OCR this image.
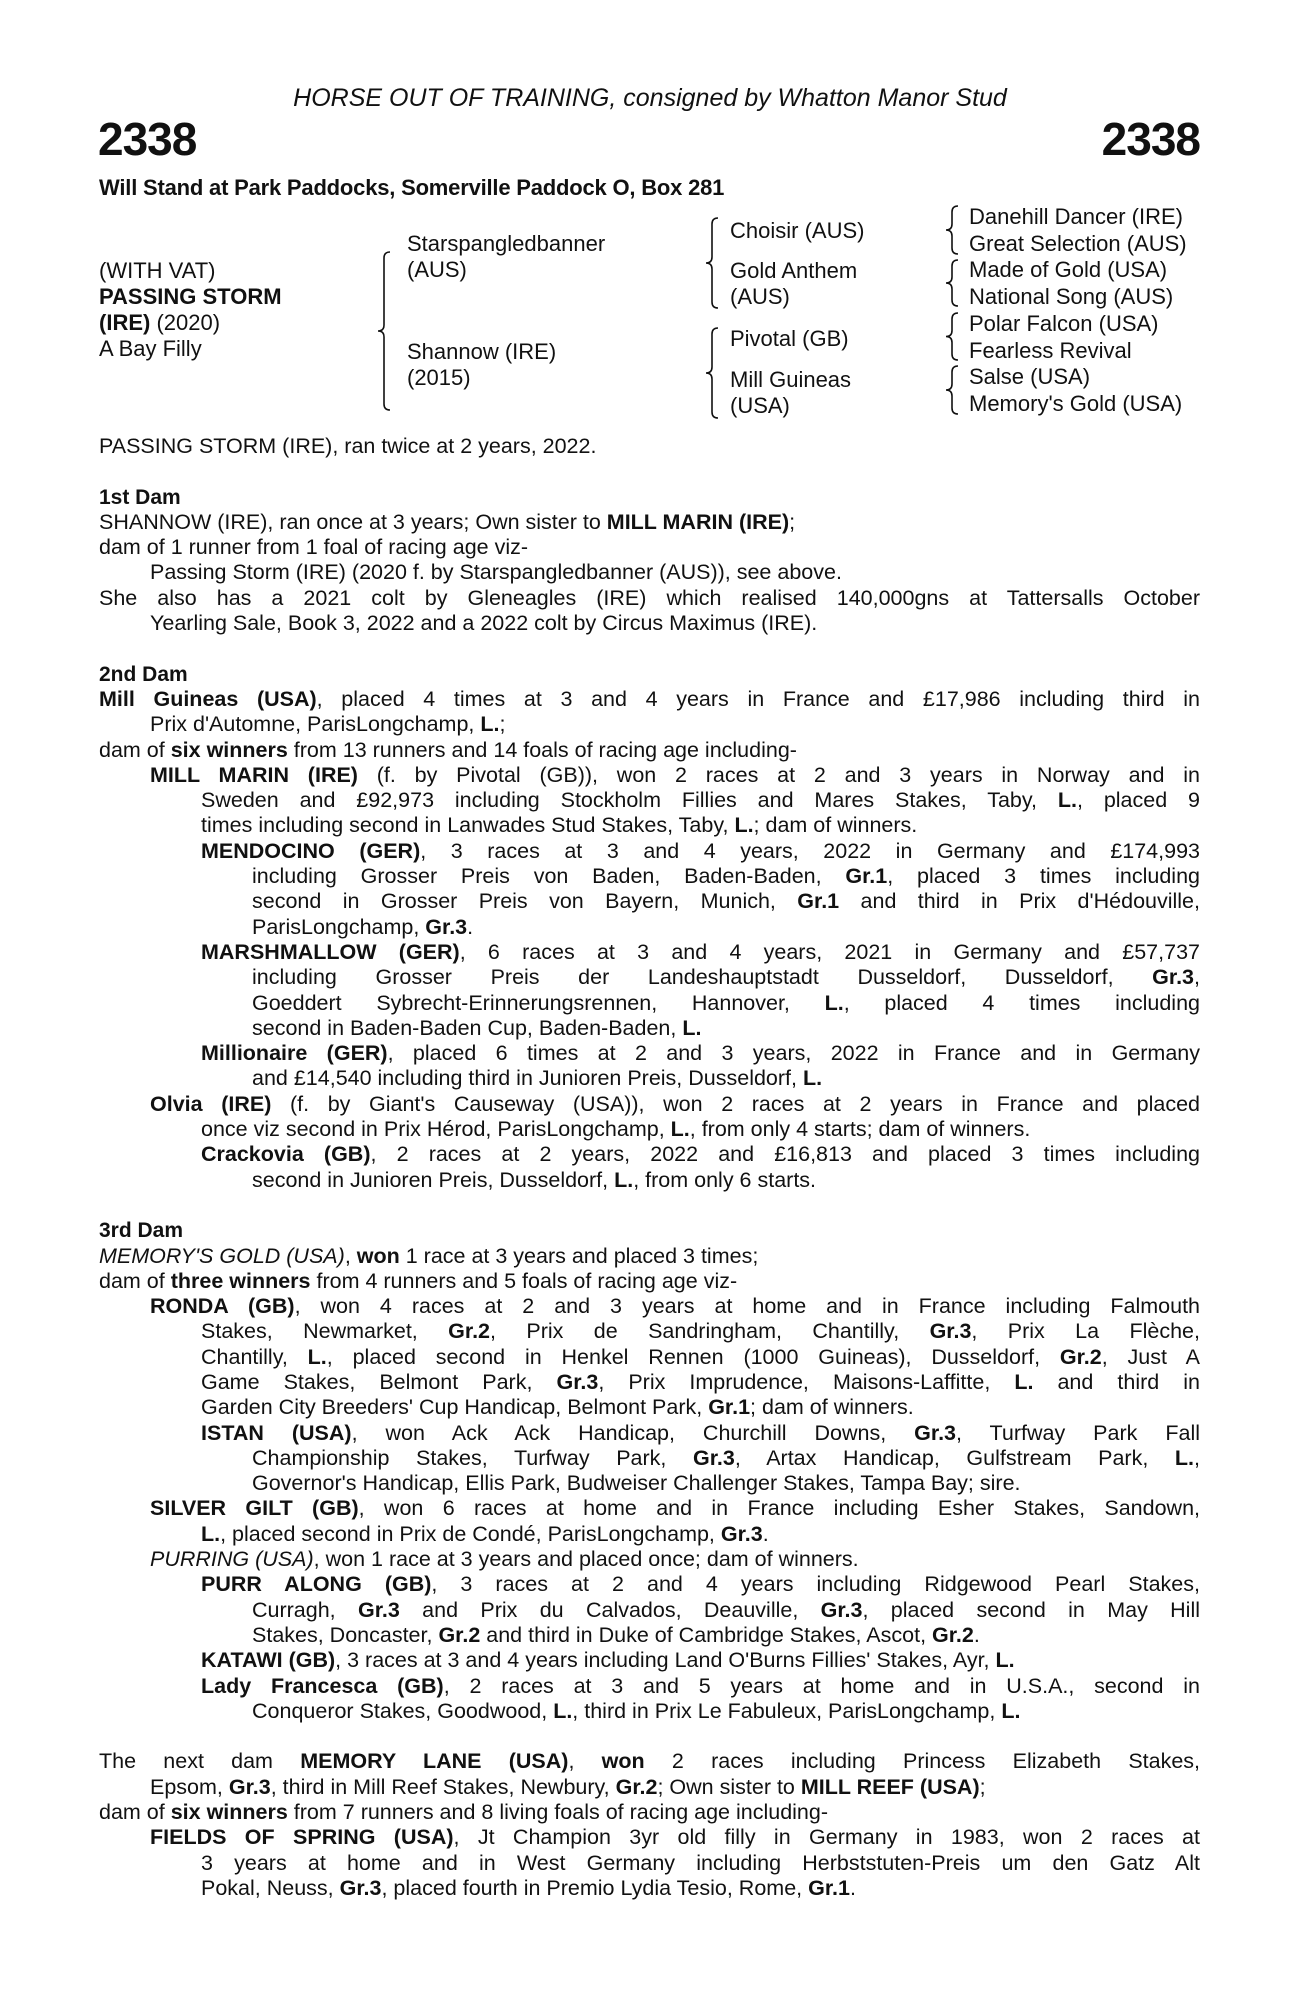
HORSE OUT OF TRAINING, consigned by Whatton Manor Stud
2338	2338
Will Stand at Park Paddocks, Somerville Paddock O, Box 281
(WITH VAT)
PASSING STORM
(IRE) (2020)
A Bay Filly
Starspangledbanner
(AUS)
Shannow (IRE)
(2015)
Choisir (AUS)
Gold Anthem
(AUS)
Pivotal (GB)
Mill Guineas
(USA)
Danehill Dancer (IRE)
Great Selection (AUS)
Made of Gold (USA)
National Song (AUS)
Polar Falcon (USA)
Fearless Revival
Salse (USA)
Memory's Gold (USA)
PASSING STORM (IRE), ran twice at 2 years, 2022.
1st Dam
SHANNOW (IRE), ran once at 3 years; Own sister to MILL MARIN (IRE);
dam of 1 runner from 1 foal of racing age viz-
Passing Storm (IRE) (2020 f. by Starspangledbanner (AUS)), see above.
She also has a 2021 colt by Gleneagles (IRE) which realised 140,000gns at Tattersalls October
Yearling Sale, Book 3, 2022 and a 2022 colt by Circus Maximus (IRE).
2nd Dam
Mill Guineas (USA), placed 4 times at 3 and 4 years in France and £17,986 including third in
Prix d'Automne, ParisLongchamp, L.;
dam of six winners from 13 runners and 14 foals of racing age including-
MILL MARIN (IRE) (f. by Pivotal (GB)), won 2 races at 2 and 3 years in Norway and in
Sweden and £92,973 including Stockholm Fillies and Mares Stakes, Taby, L., placed 9
times including second in Lanwades Stud Stakes, Taby, L.; dam of winners.
MENDOCINO (GER), 3 races at 3 and 4 years, 2022 in Germany and £174,993
including Grosser Preis von Baden, Baden-Baden, Gr.1, placed 3 times including
second in Grosser Preis von Bayern, Munich, Gr.1 and third in Prix d'Hédouville,
ParisLongchamp, Gr.3.
MARSHMALLOW (GER), 6 races at 3 and 4 years, 2021 in Germany and £57,737
including Grosser Preis der Landeshauptstadt Dusseldorf, Dusseldorf, Gr.3,
Goeddert Sybrecht-Erinnerungsrennen, Hannover, L., placed 4 times including
second in Baden-Baden Cup, Baden-Baden, L.
Millionaire (GER), placed 6 times at 2 and 3 years, 2022 in France and in Germany
and £14,540 including third in Junioren Preis, Dusseldorf, L.
Olvia (IRE) (f. by Giant's Causeway (USA)), won 2 races at 2 years in France and placed
once viz second in Prix Hérod, ParisLongchamp, L., from only 4 starts; dam of winners.
Crackovia (GB), 2 races at 2 years, 2022 and £16,813 and placed 3 times including
second in Junioren Preis, Dusseldorf, L., from only 6 starts.
3rd Dam
MEMORY'S GOLD (USA), won 1 race at 3 years and placed 3 times;
dam of three winners from 4 runners and 5 foals of racing age viz-
RONDA (GB), won 4 races at 2 and 3 years at home and in France including Falmouth
Stakes, Newmarket, Gr.2, Prix de Sandringham, Chantilly, Gr.3, Prix La Flèche,
Chantilly, L., placed second in Henkel Rennen (1000 Guineas), Dusseldorf, Gr.2, Just A
Game Stakes, Belmont Park, Gr.3, Prix Imprudence, Maisons-Laffitte, L. and third in
Garden City Breeders' Cup Handicap, Belmont Park, Gr.1; dam of winners.
ISTAN (USA), won Ack Ack Handicap, Churchill Downs, Gr.3, Turfway Park Fall
Championship Stakes, Turfway Park, Gr.3, Artax Handicap, Gulfstream Park, L.,
Governor's Handicap, Ellis Park, Budweiser Challenger Stakes, Tampa Bay; sire.
SILVER GILT (GB), won 6 races at home and in France including Esher Stakes, Sandown,
L., placed second in Prix de Condé, ParisLongchamp, Gr.3.
PURRING (USA), won 1 race at 3 years and placed once; dam of winners.
PURR ALONG (GB), 3 races at 2 and 4 years including Ridgewood Pearl Stakes,
Curragh, Gr.3 and Prix du Calvados, Deauville, Gr.3, placed second in May Hill
Stakes, Doncaster, Gr.2 and third in Duke of Cambridge Stakes, Ascot, Gr.2.
KATAWI (GB), 3 races at 3 and 4 years including Land O'Burns Fillies' Stakes, Ayr, L.
Lady Francesca (GB), 2 races at 3 and 5 years at home and in U.S.A., second in
Conqueror Stakes, Goodwood, L., third in Prix Le Fabuleux, ParisLongchamp, L.
The next dam MEMORY LANE (USA), won 2 races including Princess Elizabeth Stakes,
Epsom, Gr.3, third in Mill Reef Stakes, Newbury, Gr.2; Own sister to MILL REEF (USA);
dam of six winners from 7 runners and 8 living foals of racing age including-
FIELDS OF SPRING (USA), Jt Champion 3yr old filly in Germany in 1983, won 2 races at
3 years at home and in West Germany including Herbststuten-Preis um den Gatz Alt
Pokal, Neuss, Gr.3, placed fourth in Premio Lydia Tesio, Rome, Gr.1.
